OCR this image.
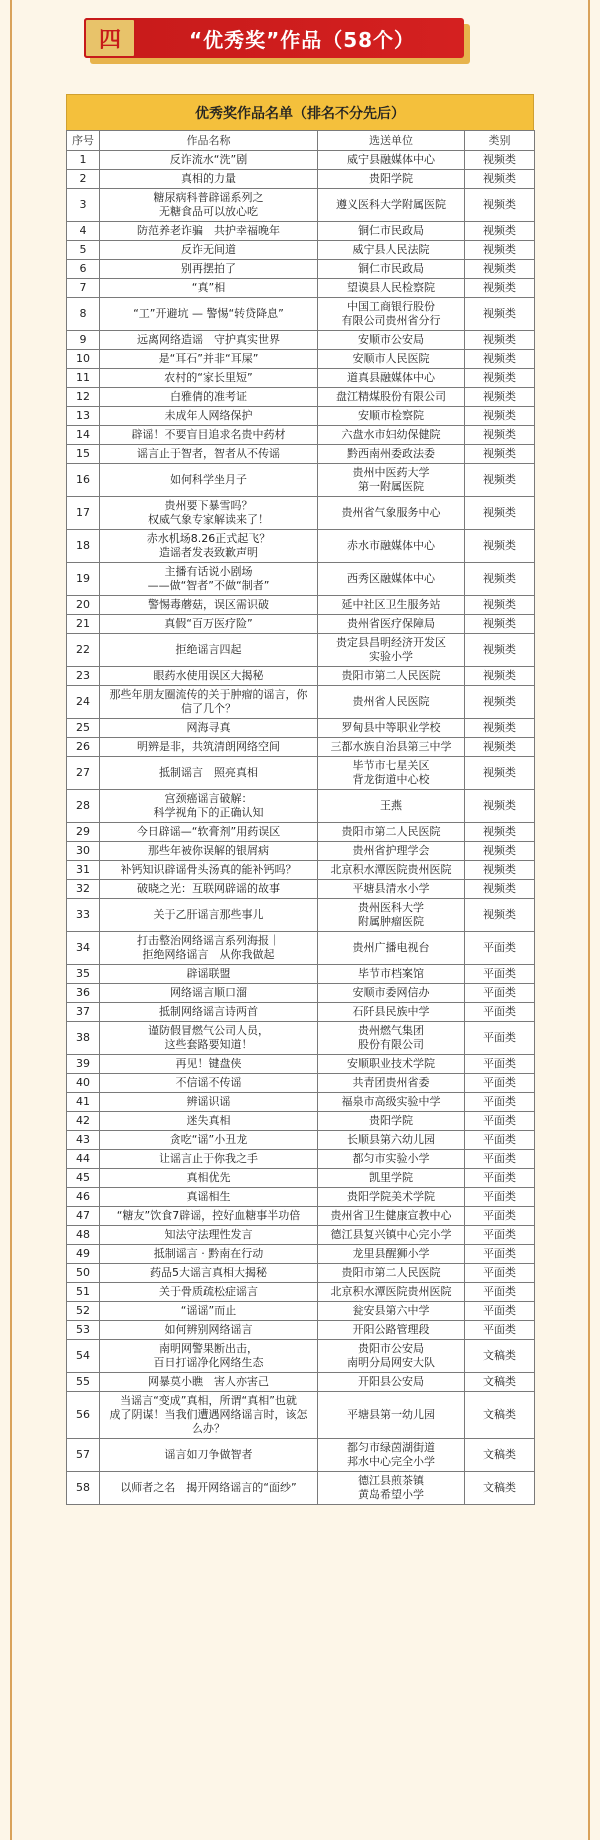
四	“优秀奖”作品（58个）
优秀奖作品名单（排名不分先后）
序号	作品名称	选送单位	类别
1	反诈流水“洗”剧	威宁县融媒体中心	视频类
2	真相的力量	贵阳学院	视频类
3	糖尿病科普辟谣系列之
无糖食品可以放心吃	遵义医科大学附属医院	视频类
4	防范养老诈骗　共护幸福晚年	铜仁市民政局	视频类
5	反诈无间道	威宁县人民法院	视频类
6	别再摆拍了	铜仁市民政局	视频类
7	“真”相	望谟县人民检察院	视频类
8	“工”开避坑 — 警惕“转贷降息”	中国工商银行股份
有限公司贵州省分行	视频类
9	远离网络造谣　守护真实世界	安顺市公安局	视频类
10	是“耳石”并非“耳屎”	安顺市人民医院	视频类
11	农村的“家长里短”	道真县融媒体中心	视频类
12	白雅倩的准考证	盘江精煤股份有限公司	视频类
13	未成年人网络保护	安顺市检察院	视频类
14	辟谣！不要盲目追求名贵中药材	六盘水市妇幼保健院	视频类
15	谣言止于智者，智者从不传谣	黔西南州委政法委	视频类
16	如何科学坐月子	贵州中医药大学
第一附属医院	视频类
17	贵州要下暴雪吗？
权威气象专家解读来了！	贵州省气象服务中心	视频类
18	赤水机场8.26正式起飞？
造谣者发表致歉声明	赤水市融媒体中心	视频类
19	主播有话说小剧场
——做“智者”不做“制者”	西秀区融媒体中心	视频类
20	警惕毒蘑菇，误区需识破	延中社区卫生服务站	视频类
21	真假“百万医疗险”	贵州省医疗保障局	视频类
22	拒绝谣言四起	贵定县昌明经济开发区
实验小学	视频类
23	眼药水使用误区大揭秘	贵阳市第二人民医院	视频类
24	那些年朋友圈流传的关于肿瘤的谣言，你
信了几个？	贵州省人民医院	视频类
25	网海寻真	罗甸县中等职业学校	视频类
26	明辨是非，共筑清朗网络空间	三都水族自治县第三中学	视频类
27	抵制谣言　照亮真相	毕节市七星关区
背龙街道中心校	视频类
28	宫颈癌谣言破解：
科学视角下的正确认知	王燕	视频类
29	今日辟谣—“软膏剂”用药误区	贵阳市第二人民医院	视频类
30	那些年被你误解的银屑病	贵州省护理学会	视频类
31	补钙知识辟谣骨头汤真的能补钙吗？	北京积水潭医院贵州医院	视频类
32	破晓之光：互联网辟谣的故事	平塘县清水小学	视频类
33	关于乙肝谣言那些事儿	贵州医科大学
附属肿瘤医院	视频类
34	打击整治网络谣言系列海报｜
拒绝网络谣言　从你我做起	贵州广播电视台	平面类
35	辟谣联盟	毕节市档案馆	平面类
36	网络谣言顺口溜	安顺市委网信办	平面类
37	抵制网络谣言诗两首	石阡县民族中学	平面类
38	谨防假冒燃气公司人员，
这些套路要知道！	贵州燃气集团
股份有限公司	平面类
39	再见！键盘侠	安顺职业技术学院	平面类
40	不信谣不传谣	共青团贵州省委	平面类
41	辨谣识谣	福泉市高级实验中学	平面类
42	迷失真相	贵阳学院	平面类
43	贪吃“谣”小丑龙	长顺县第六幼儿园	平面类
44	让谣言止于你我之手	都匀市实验小学	平面类
45	真相优先	凯里学院	平面类
46	真谣相生	贵阳学院美术学院	平面类
47	“糖友”饮食7辟谣，控好血糖事半功倍	贵州省卫生健康宣教中心	平面类
48	知法守法理性发言	德江县复兴镇中心完小学	平面类
49	抵制谣言 · 黔南在行动	龙里县醒狮小学	平面类
50	药品5大谣言真相大揭秘	贵阳市第二人民医院	平面类
51	关于骨质疏松症谣言	北京积水潭医院贵州医院	平面类
52	“谣谣”而止	瓮安县第六中学	平面类
53	如何辨别网络谣言	开阳公路管理段	平面类
54	南明网警果断出击，
百日打谣净化网络生态	贵阳市公安局
南明分局网安大队	文稿类
55	网暴莫小瞧　害人亦害己	开阳县公安局	文稿类
56	当谣言“变成”真相，所谓“真相”也就
成了阴谋！当我们遭遇网络谣言时，该怎
么办？	平塘县第一幼儿园	文稿类
57	谣言如刀争做智者	都匀市绿茵湖街道
邦水中心完全小学	文稿类
58	以师者之名　揭开网络谣言的“面纱”	德江县煎茶镇
黄岛希望小学	文稿类
